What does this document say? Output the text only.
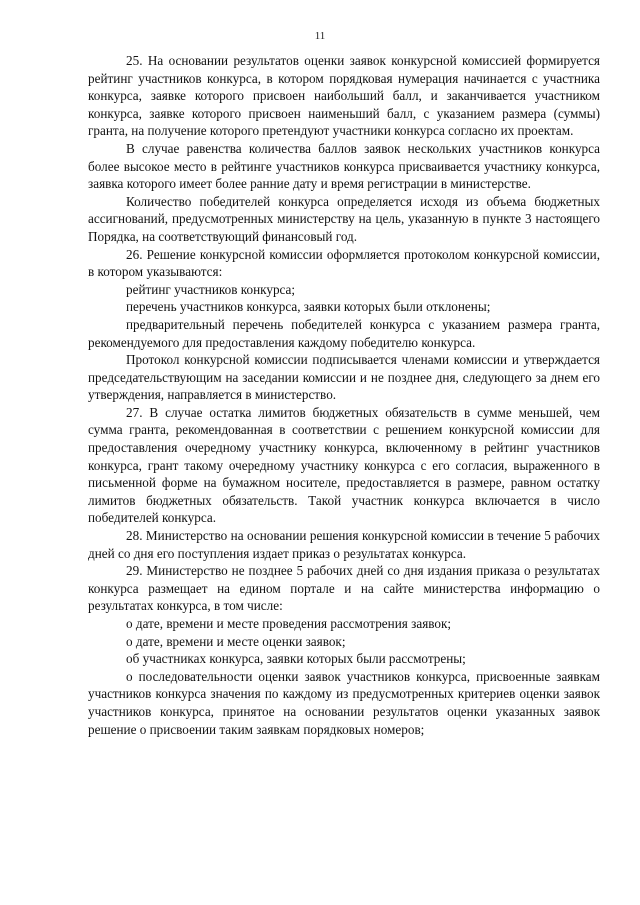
11

25. На основании результатов оценки заявок конкурсной комиссией формируется рейтинг участников конкурса, в котором порядковая нумерация начинается с участника конкурса, заявке которого присвоен наибольший балл, и заканчивается участником конкурса, заявке которого присвоен наименьший балл, с указанием размера (суммы) гранта, на получение которого претендуют участники конкурса согласно их проектам.

В случае равенства количества баллов заявок нескольких участников конкурса более высокое место в рейтинге участников конкурса присваивается участнику конкурса, заявка которого имеет более ранние дату и время регистрации в министерстве.

Количество победителей конкурса определяется исходя из объема бюджетных ассигнований, предусмотренных министерству на цель, указанную в пункте 3 настоящего Порядка, на соответствующий финансовый год.

26. Решение конкурсной комиссии оформляется протоколом конкурсной комиссии, в котором указываются:

рейтинг участников конкурса;

перечень участников конкурса, заявки которых были отклонены;

предварительный перечень победителей конкурса с указанием размера гранта, рекомендуемого для предоставления каждому победителю конкурса.

Протокол конкурсной комиссии подписывается членами комиссии и утверждается председательствующим на заседании комиссии и не позднее дня, следующего за днем его утверждения, направляется в министерство.

27. В случае остатка лимитов бюджетных обязательств в сумме меньшей, чем сумма гранта, рекомендованная в соответствии с решением конкурсной комиссии для предоставления очередному участнику конкурса, включенному в рейтинг участников конкурса, грант такому очередному участнику конкурса с его согласия, выраженного в письменной форме на бумажном носителе, предоставляется в размере, равном остатку лимитов бюджетных обязательств. Такой участник конкурса включается в число победителей конкурса.

28. Министерство на основании решения конкурсной комиссии в течение 5 рабочих дней со дня его поступления издает приказ о результатах конкурса.

29. Министерство не позднее 5 рабочих дней со дня издания приказа о результатах конкурса размещает на едином портале и на сайте министерства информацию о результатах конкурса, в том числе:

о дате, времени и месте проведения рассмотрения заявок;

о дате, времени и месте оценки заявок;

об участниках конкурса, заявки которых были рассмотрены;

о последовательности оценки заявок участников конкурса, присвоенные заявкам участников конкурса значения по каждому из предусмотренных критериев оценки заявок участников конкурса, принятое на основании результатов оценки указанных заявок решение о присвоении таким заявкам порядковых номеров;
